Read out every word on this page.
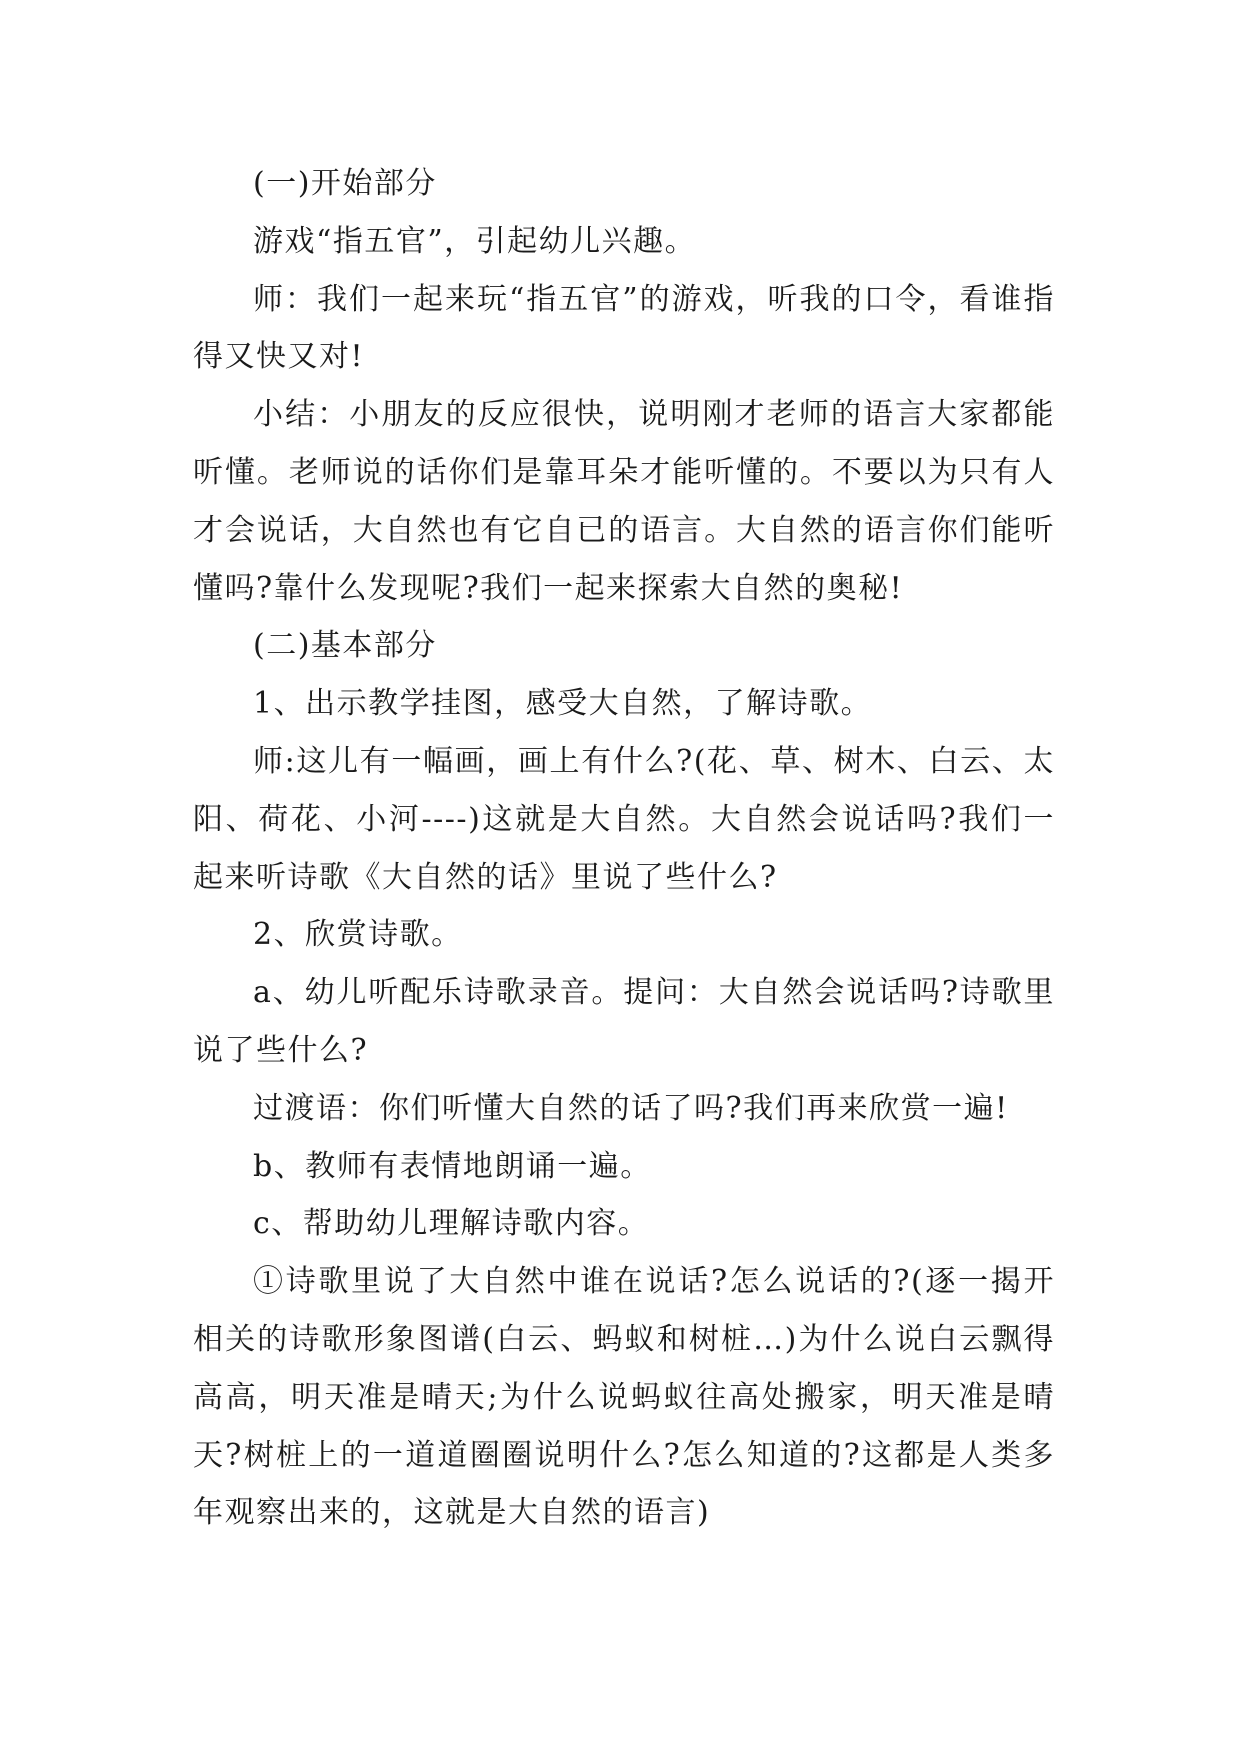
(一)开始部分

游戏“指五官”，引起幼儿兴趣。

师：我们一起来玩“指五官”的游戏，听我的口令，看谁指得又快又对!

小结：小朋友的反应很快，说明刚才老师的语言大家都能听懂。老师说的话你们是靠耳朵才能听懂的。不要以为只有人才会说话，大自然也有它自已的语言。大自然的语言你们能听懂吗?靠什么发现呢?我们一起来探索大自然的奥秘!

(二)基本部分

1、出示教学挂图，感受大自然，了解诗歌。

师:这儿有一幅画，画上有什么?(花、草、树木、白云、太阳、荷花、小河----)这就是大自然。大自然会说话吗?我们一起来听诗歌《大自然的话》里说了些什么?

2、欣赏诗歌。

a、幼儿听配乐诗歌录音。提问：大自然会说话吗?诗歌里说了些什么?

过渡语：你们听懂大自然的话了吗?我们再来欣赏一遍!

b、教师有表情地朗诵一遍。

c、帮助幼儿理解诗歌内容。

①诗歌里说了大自然中谁在说话?怎么说话的?(逐一揭开相关的诗歌形象图谱(白云、蚂蚁和树桩…)为什么说白云飘得高高，明天准是晴天;为什么说蚂蚁往高处搬家，明天准是晴天?树桩上的一道道圈圈说明什么?怎么知道的?这都是人类多年观察出来的，这就是大自然的语言)
